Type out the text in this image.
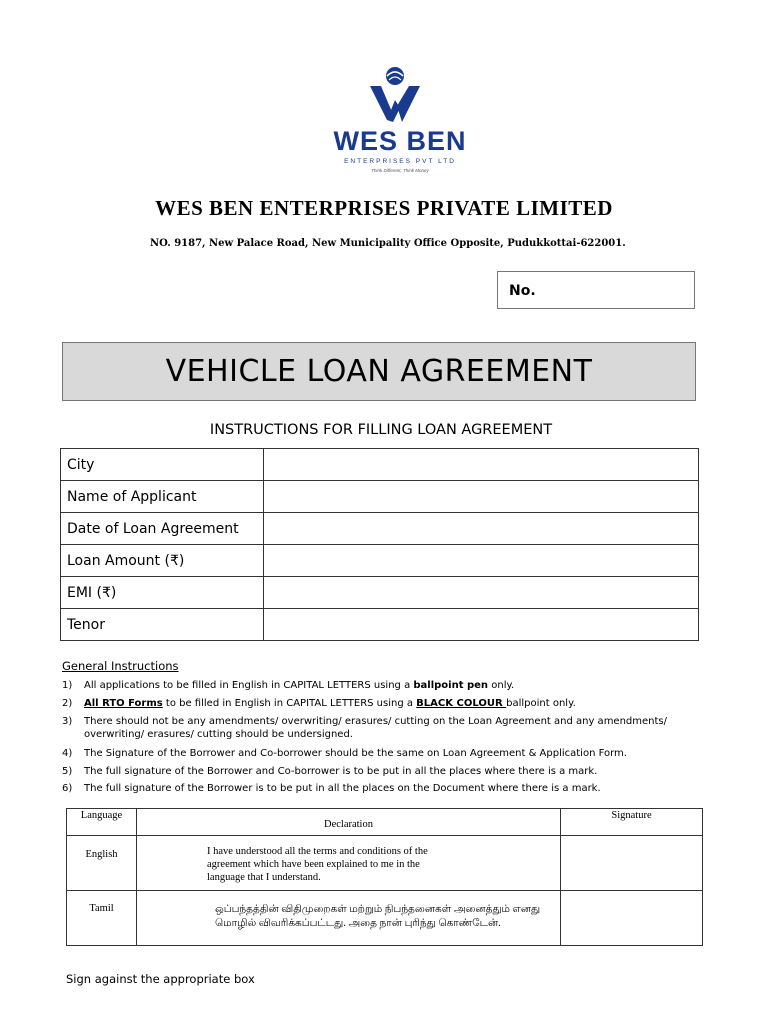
WES BEN
ENTERPRISES PVT LTD
Think Different, Think Money
WES BEN ENTERPRISES PRIVATE LIMITED
NO. 9187, New Palace Road, New Municipality Office Opposite, Pudukkottai-622001.
No.
VEHICLE LOAN AGREEMENT
INSTRUCTIONS FOR FILLING LOAN AGREEMENT
City	
Name of Applicant	
Date of Loan Agreement	
Loan Amount (₹)	
EMI (₹)	
Tenor	
General Instructions
1)	All applications to be filled in English in CAPITAL LETTERS using a ballpoint pen only.
2)	All RTO Forms to be filled in English in CAPITAL LETTERS using a BLACK COLOUR ballpoint only.
3)	There should not be any amendments/ overwriting/ erasures/ cutting on the Loan Agreement and any amendments/
overwriting/ erasures/ cutting should be undersigned.
4)	The Signature of the Borrower and Co-borrower should be the same on Loan Agreement & Application Form.
5)	The full signature of the Borrower and Co-borrower is to be put in all the places where there is a mark.
6)	The full signature of the Borrower is to be put in all the places on the Document where there is a mark.
Language	Declaration	Signature
English	I have understood all the terms and conditions of the
agreement which have been explained to me in the
language that I understand.	
Tamil	ஒப்பந்தத்தின் விதிமுறைகள் மற்றும் நிபந்தனைகள் அனைத்தும் எனது
மொழில் விவரிக்கப்பட்டது. அதை நான் புரிந்து கொண்டேன்.	
Sign against the appropriate box
